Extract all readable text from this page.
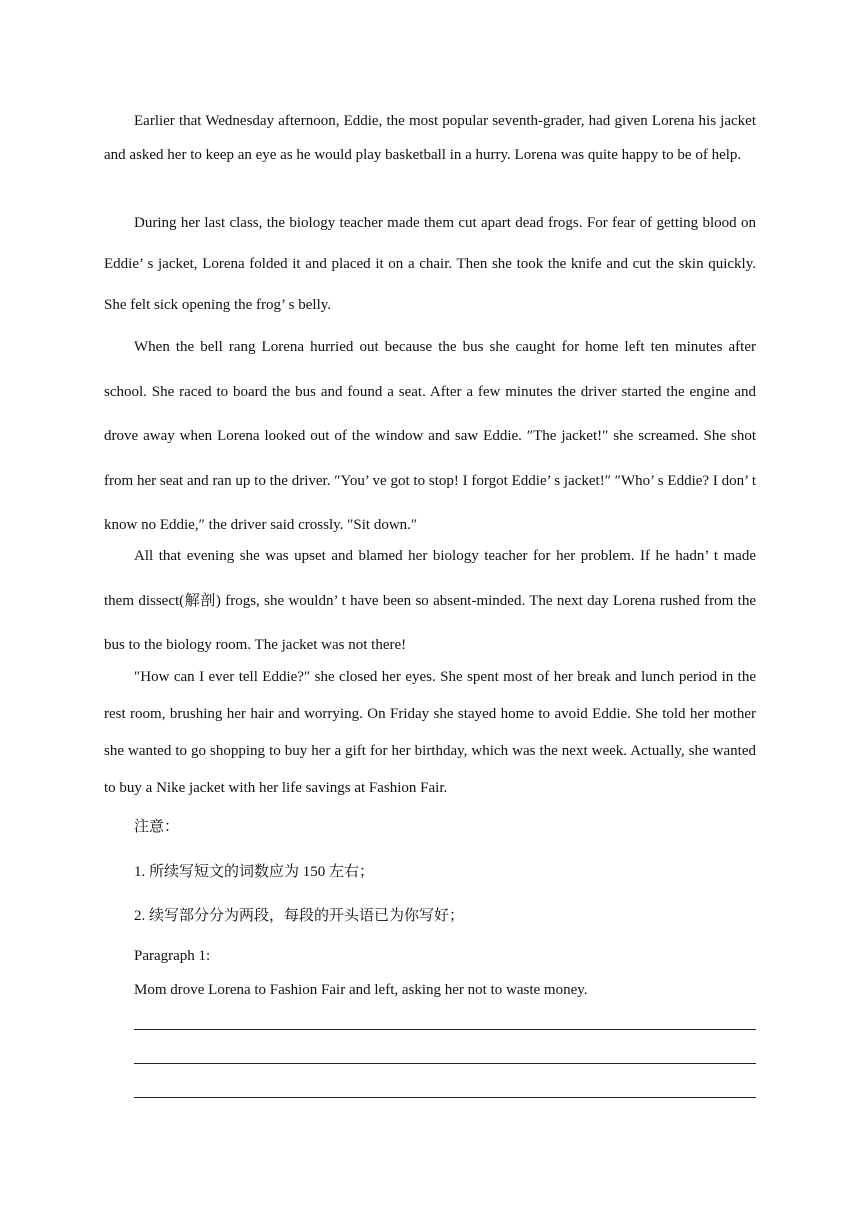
Earlier that Wednesday afternoon, Eddie, the most popular seventh-grader, had given Lorena his jacket and asked her to keep an eye as he would play basketball in a hurry. Lorena was quite happy to be of help.

During her last class, the biology teacher made them cut apart dead frogs. For fear of getting blood on Eddie’ s jacket, Lorena folded it and placed it on a chair. Then she took the knife and cut the skin quickly. She felt sick opening the frog’ s belly.

When the bell rang Lorena hurried out because the bus she caught for home left ten minutes after school. She raced to board the bus and found a seat. After a few minutes the driver started the engine and drove away when Lorena looked out of the window and saw Eddie. ″The jacket!″ she screamed. She shot from her seat and ran up to the driver. ″You’ ve got to stop! I forgot Eddie’ s jacket!″ ″Who’ s Eddie? I don’ t know no Eddie,″ the driver said crossly. ″Sit down.″

All that evening she was upset and blamed her biology teacher for her problem. If he hadn’ t made them dissect(解剖) frogs, she wouldn’ t have been so absent-minded. The next day Lorena rushed from the bus to the biology room. The jacket was not there!

″How can I ever tell Eddie?″ she closed her eyes. She spent most of her break and lunch period in the rest room, brushing her hair and worrying. On Friday she stayed home to avoid Eddie. She told her mother she wanted to go shopping to buy her a gift for her birthday, which was the next week. Actually, she wanted to buy a Nike jacket with her life savings at Fashion Fair.

注意：
1. 所续写短文的词数应为 150 左右；
2. 续写部分分为两段，每段的开头语已为你写好；
Paragraph 1:
Mom drove Lorena to Fashion Fair and left, asking her not to waste money.
